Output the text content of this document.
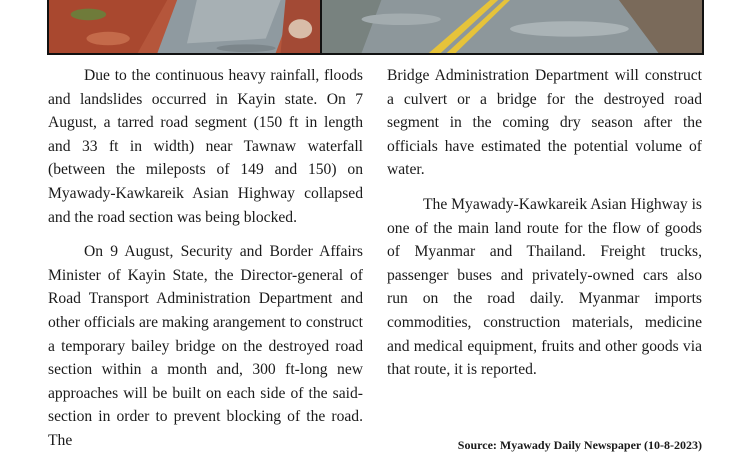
Due to the continuous heavy rainfall, floods and landslides occurred in Kayin state. On 7 August, a tarred road segment (150 ft in length and 33 ft in width) near Tawnaw waterfall (between the mileposts of 149 and 150) on Myawady-Kawkareik Asian Highway collapsed and the road section was being blocked.

On 9 August, Security and Border Affairs Minister of Kayin State, the Director-general of Road Transport Administration Department and other officials are making arangement to construct a temporary bailey bridge on the destroyed road section within a month and, 300 ft-long new approaches will be built on each side of the said-section in order to prevent blocking of the road. The

Bridge Administration Department will construct a culvert or a bridge for the destroyed road segment in the coming dry season after the officials have estimated the potential volume of water.

The Myawady-Kawkareik Asian Highway is one of the main land route for the flow of goods of Myanmar and Thailand. Freight trucks, passenger buses and privately-owned cars also run on the road daily. Myanmar imports commodities, construction materials, medicine and medical equipment, fruits and other goods via that route, it is reported.

Source: Myawady Daily Newspaper (10-8-2023)
